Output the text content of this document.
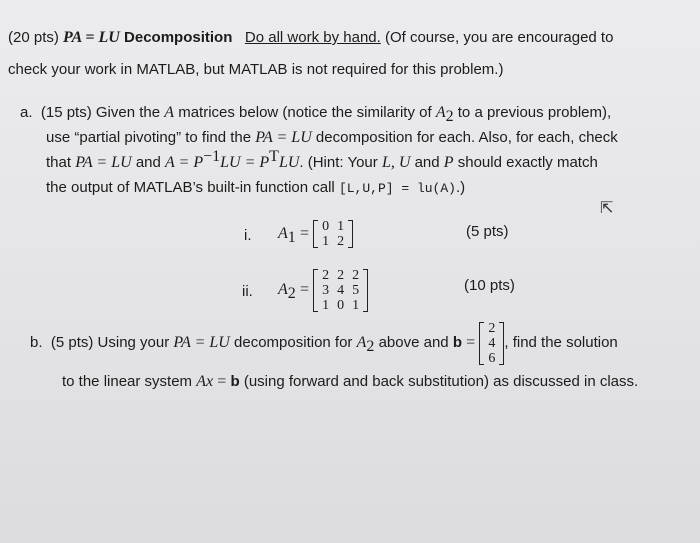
(20 pts) PA = LU Decomposition Do all work by hand. (Of course, you are encouraged to
check your work in MATLAB, but MATLAB is not required for this problem.)
a. (15 pts) Given the A matrices below (notice the similarity of $A_2$ to a previous problem),
use “partial pivoting” to find the PA = LU decomposition for each. Also, for each, check
that PA = LU and $A = P^{-1}LU = P^TLU$. (Hint: Your L, U and P should exactly match
the output of MATLAB’s built-in function call [L,U,P] = lu(A).)
⇱
i. $A_1 = 0$	1
1	2
(5 pts)
ii. $A_2$ =
2	2	2
3	4	5
1	0	1
(10 pts)
b. (5 pts) Using your PA = LU decomposition for $A_2$ above and b =
2
4
6
, find the solution
to the linear system Ax = b (using forward and back substitution) as discussed in class.
